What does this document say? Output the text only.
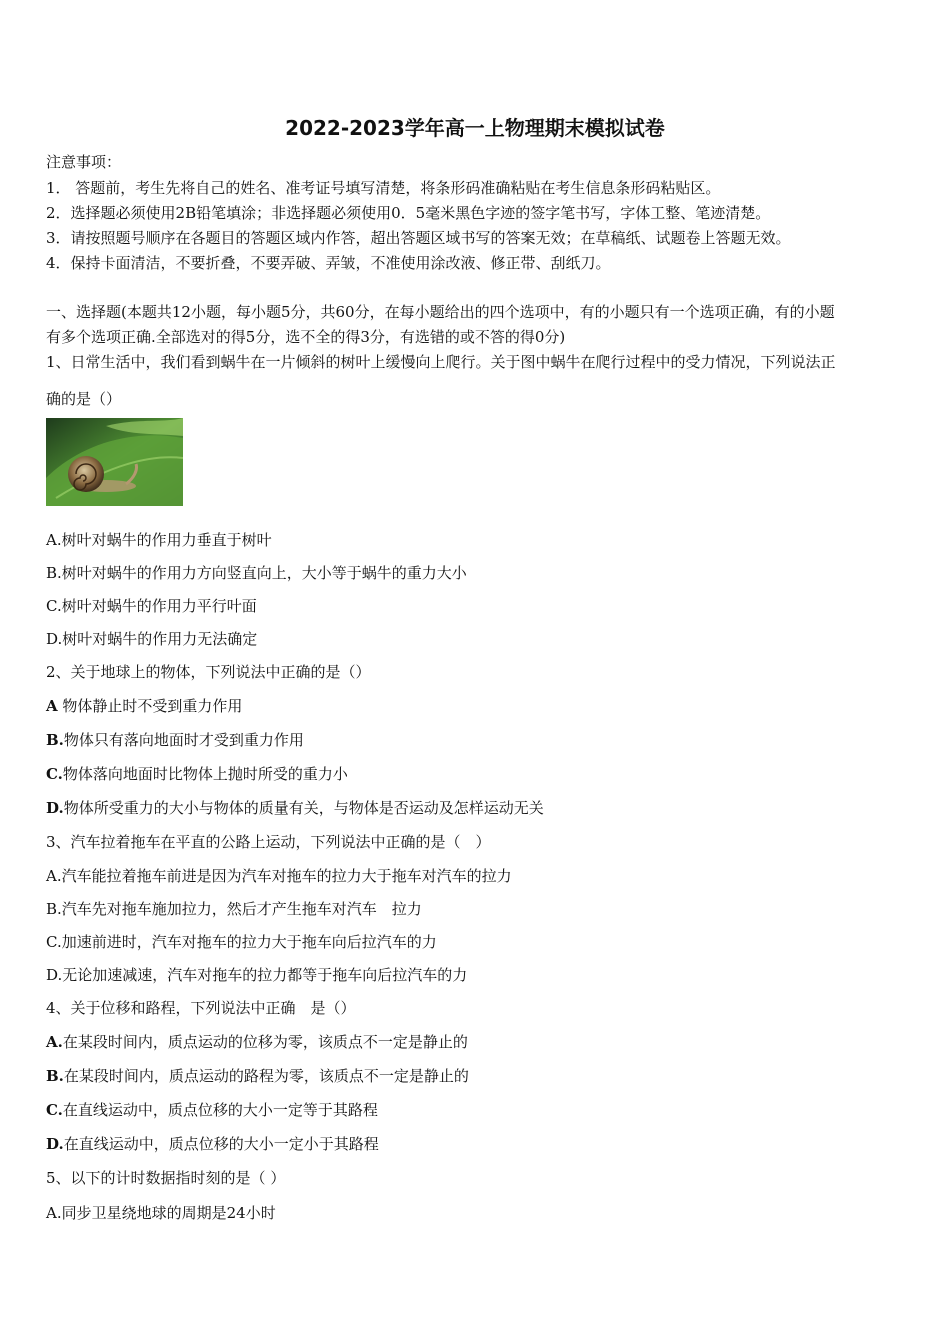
2022-2023学年高一上物理期末模拟试卷
注意事项：
1． 答题前，考生先将自己的姓名、准考证号填写清楚，将条形码准确粘贴在考生信息条形码粘贴区。
2．选择题必须使用2B铅笔填涂；非选择题必须使用0．5毫米黑色字迹的签字笔书写，字体工整、笔迹清楚。
3．请按照题号顺序在各题目的答题区域内作答，超出答题区域书写的答案无效；在草稿纸、试题卷上答题无效。
4．保持卡面清洁，不要折叠，不要弄破、弄皱，不准使用涂改液、修正带、刮纸刀。
一、选择题(本题共12小题，每小题5分，共60分，在每小题给出的四个选项中，有的小题只有一个选项正确，有的小题
有多个选项正确.全部选对的得5分，选不全的得3分，有选错的或不答的得0分)
1、日常生活中，我们看到蜗牛在一片倾斜的树叶上缓慢向上爬行。关于图中蜗牛在爬行过程中的受力情况，下列说法正
确的是（）
A.树叶对蜗牛的作用力垂直于树叶
B.树叶对蜗牛的作用力方向竖直向上，大小等于蜗牛的重力大小
C.树叶对蜗牛的作用力平行叶面
D.树叶对蜗牛的作用力无法确定
2、关于地球上的物体，下列说法中正确的是（）
A 物体静止时不受到重力作用
B.物体只有落向地面时才受到重力作用
C.物体落向地面时比物体上抛时所受的重力小
D.物体所受重力的大小与物体的质量有关，与物体是否运动及怎样运动无关
3、汽车拉着拖车在平直的公路上运动，下列说法中正确的是（　）
A.汽车能拉着拖车前进是因为汽车对拖车的拉力大于拖车对汽车的拉力
B.汽车先对拖车施加拉力，然后才产生拖车对汽车　拉力
C.加速前进时，汽车对拖车的拉力大于拖车向后拉汽车的力
D.无论加速减速，汽车对拖车的拉力都等于拖车向后拉汽车的力
4、关于位移和路程，下列说法中正确　是（）
A.在某段时间内，质点运动的位移为零，该质点不一定是静止的
B.在某段时间内，质点运动的路程为零，该质点不一定是静止的
C.在直线运动中，质点位移的大小一定等于其路程
D.在直线运动中，质点位移的大小一定小于其路程
5、以下的计时数据指时刻的是（ ）
A.同步卫星绕地球的周期是24小时
